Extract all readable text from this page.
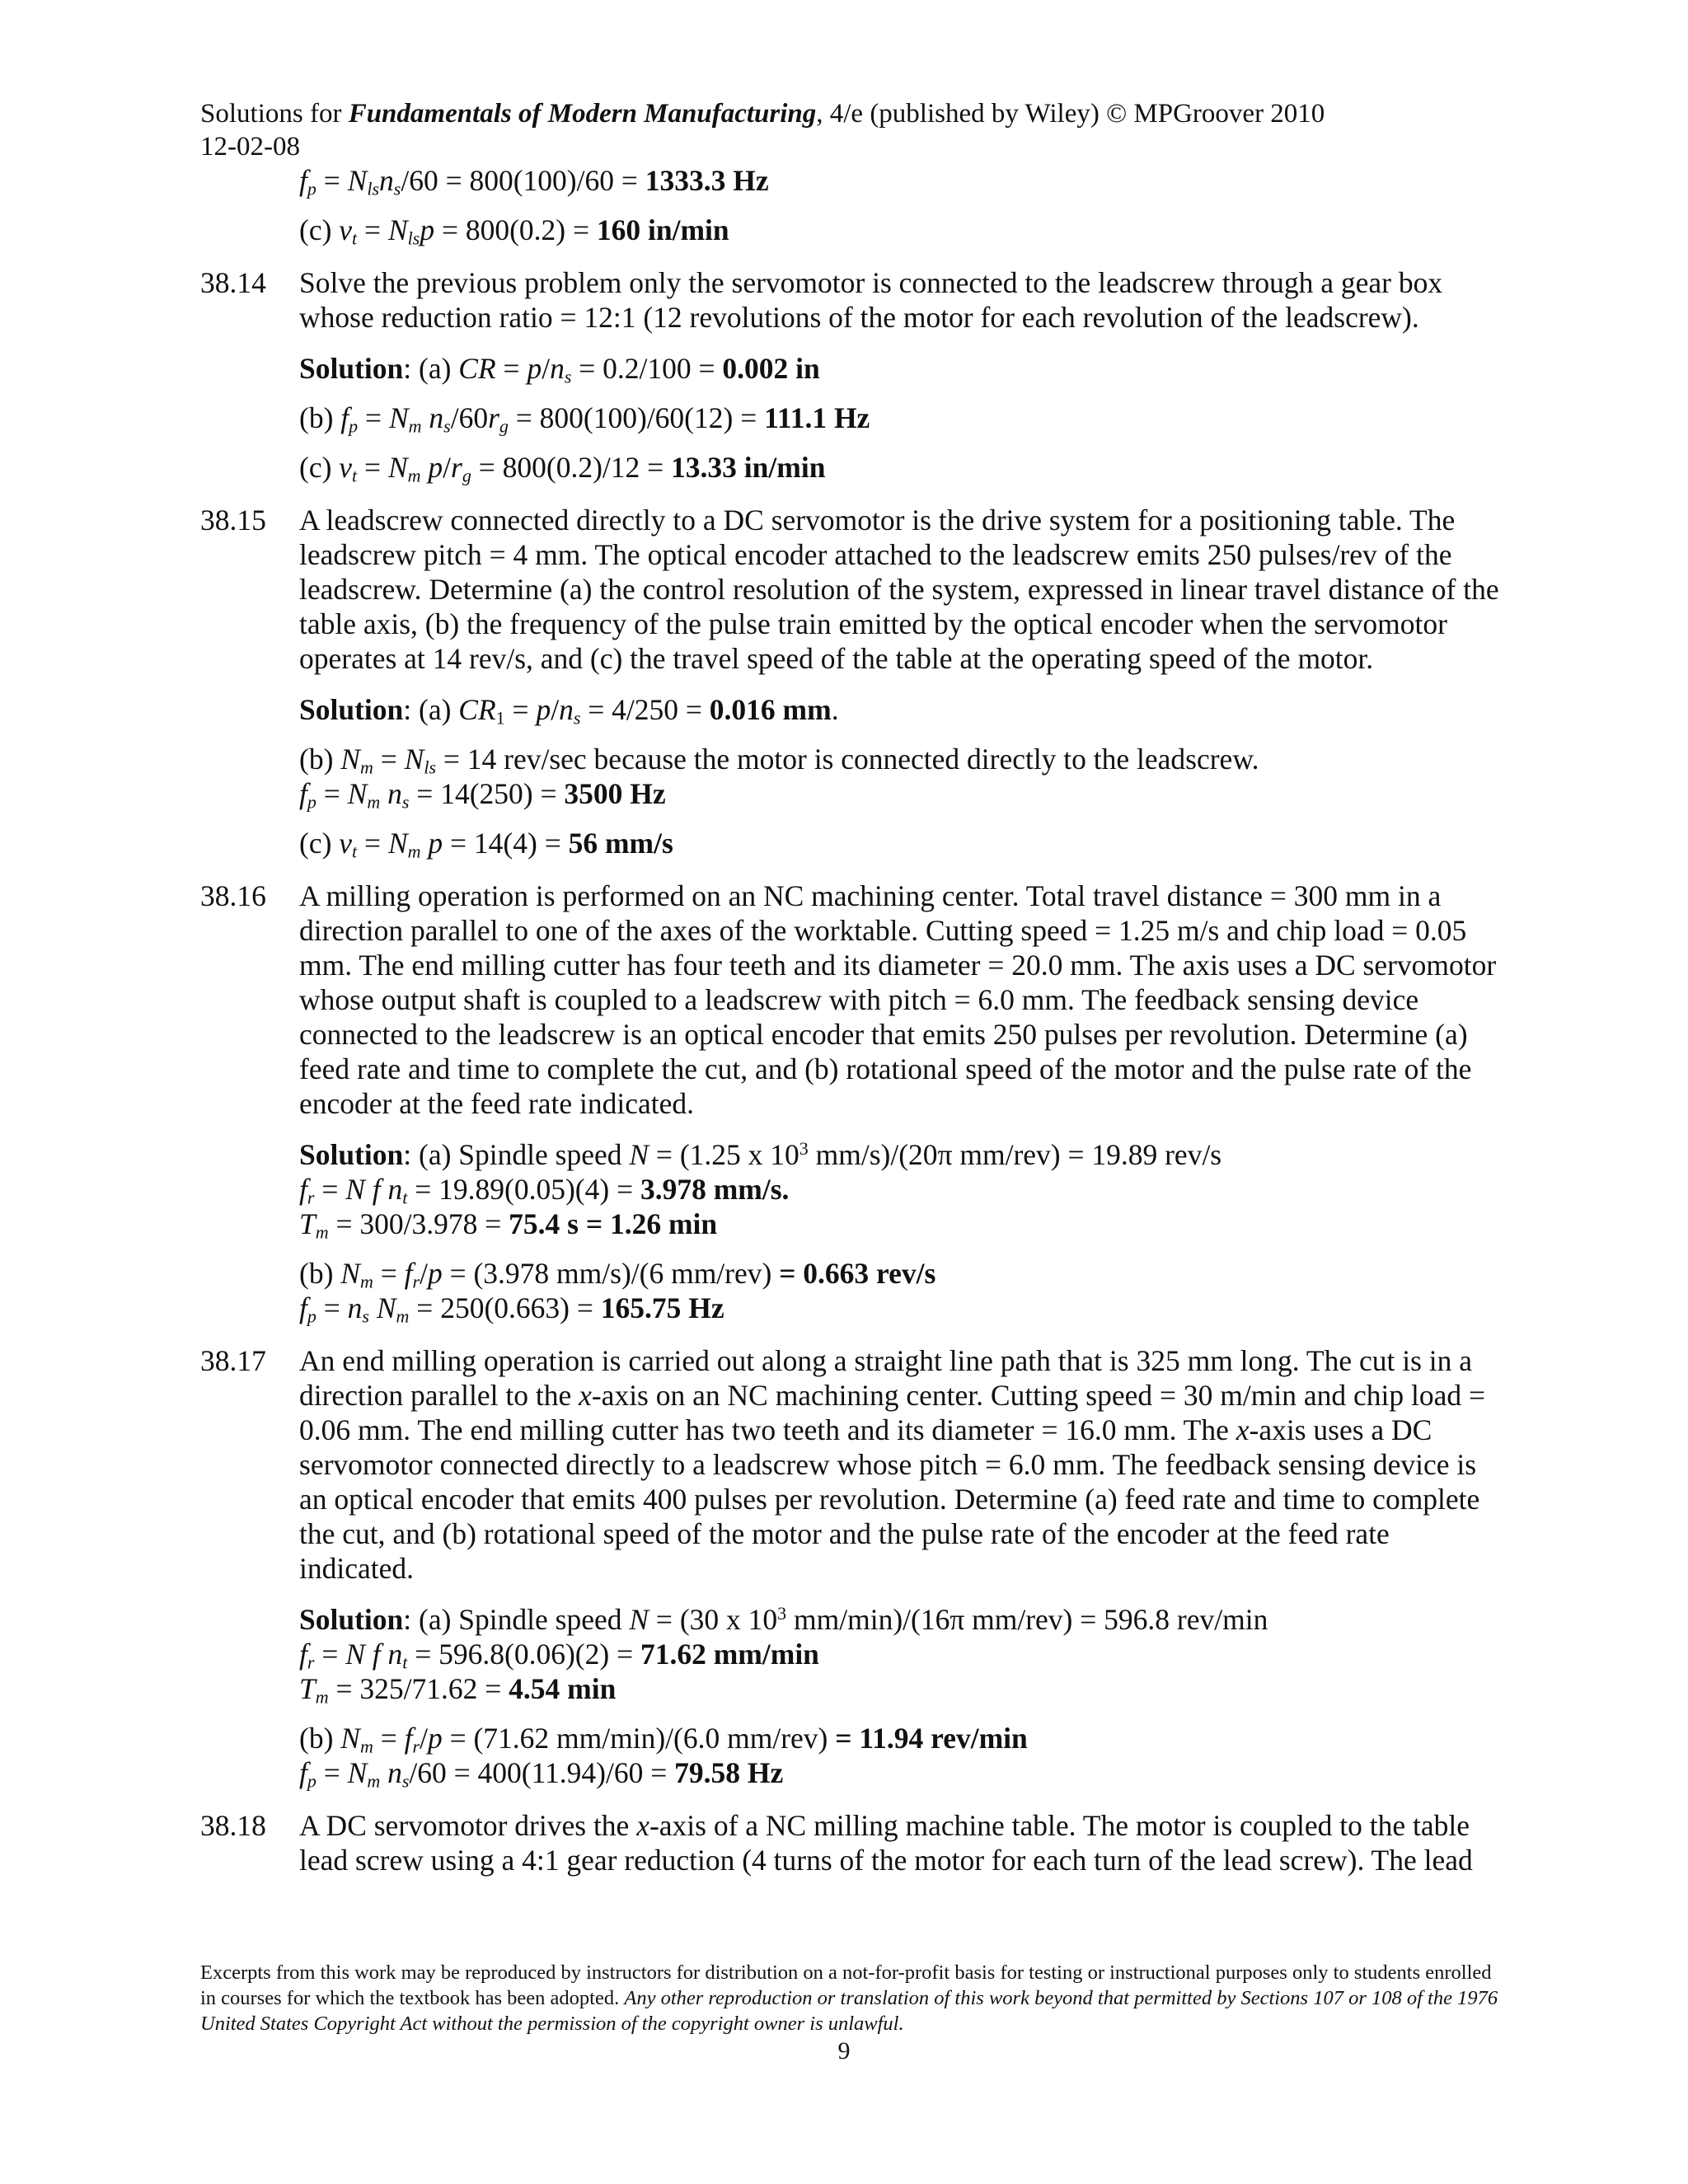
Solutions for Fundamentals of Modern Manufacturing, 4/e (published by Wiley) © MPGroover 2010
12-02-08
$f_p = N_{ls}n_s/60 = 800(100)/60 = 1333.3$ Hz
(c) $v_t = N_{ls}p = 800(0.2) = 160$ in/min
38.14	Solve the previous problem only the servomotor is connected to the leadscrew through a gear box whose reduction ratio = 12:1 (12 revolutions of the motor for each revolution of the leadscrew).
Solution: (a) CR = $p/n_s = 0.2/100 = 0.002$ in
(b) $f_p = N_m$ $n_s/60r_g = 800(100)/60(12) = 111.1$ Hz
(c) $v_t = N_m$ $p/r_g = 800(0.2)/12 = 13.33$ in/min
38.15	A leadscrew connected directly to a DC servomotor is the drive system for a positioning table. The leadscrew pitch = 4 mm. The optical encoder attached to the leadscrew emits 250 pulses/rev of the leadscrew. Determine (a) the control resolution of the system, expressed in linear travel distance of the table axis, (b) the frequency of the pulse train emitted by the optical encoder when the servomotor operates at 14 rev/s, and (c) the travel speed of the table at the operating speed of the motor.
Solution: (a) $CR_1 = p/n_s = 4/250 = 0.016$ mm.
(b) $N_m = N_{ls} = 14$ rev/sec because the motor is connected directly to the leadscrew.
$f_p = N_m$ $n_s = 14(250) = 3500$ Hz
(c) $v_t = N_m$ p = 14(4) = 56 mm/s
38.16	A milling operation is performed on an NC machining center. Total travel distance = 300 mm in a direction parallel to one of the axes of the worktable. Cutting speed = 1.25 m/s and chip load = 0.05 mm. The end milling cutter has four teeth and its diameter = 20.0 mm. The axis uses a DC servomotor whose output shaft is coupled to a leadscrew with pitch = 6.0 mm. The feedback sensing device connected to the leadscrew is an optical encoder that emits 250 pulses per revolution. Determine (a) feed rate and time to complete the cut, and (b) rotational speed of the motor and the pulse rate of the encoder at the feed rate indicated.
Solution: (a) Spindle speed N = (1.25 x $10^3$ mm/s)/(20π mm/rev) = 19.89 rev/s
$f_r = N$ f $n_t = 19.89(0.05)(4) = 3.978$ mm/s.
$T_m = 300/3.978 = 75.4$ s = 1.26 min
(b) $N_m = f_r/p = (3.978$ mm/s)/(6 mm/rev) = 0.663 rev/s
$f_p = n_s$ $N_m = 250(0.663) = 165.75$ Hz
38.17	An end milling operation is carried out along a straight line path that is 325 mm long. The cut is in a direction parallel to the x-axis on an NC machining center. Cutting speed = 30 m/min and chip load = 0.06 mm. The end milling cutter has two teeth and its diameter = 16.0 mm. The x-axis uses a DC servomotor connected directly to a leadscrew whose pitch = 6.0 mm. The feedback sensing device is an optical encoder that emits 400 pulses per revolution. Determine (a) feed rate and time to complete the cut, and (b) rotational speed of the motor and the pulse rate of the encoder at the feed rate indicated.
Solution: (a) Spindle speed N = (30 x $10^3$ mm/min)/(16π mm/rev) = 596.8 rev/min
$f_r = N$ f $n_t = 596.8(0.06)(2) = 71.62$ mm/min
$T_m = 325/71.62 = 4.54$ min
(b) $N_m = f_r/p = (71.62$ mm/min)/(6.0 mm/rev) = 11.94 rev/min
$f_p = N_m$ $n_s/60 = 400(11.94)/60 = 79.58$ Hz
38.18	A DC servomotor drives the x-axis of a NC milling machine table. The motor is coupled to the table lead screw using a 4:1 gear reduction (4 turns of the motor for each turn of the lead screw). The lead
Excerpts from this work may be reproduced by instructors for distribution on a not-for-profit basis for testing or instructional purposes only to students enrolled in courses for which the textbook has been adopted. Any other reproduction or translation of this work beyond that permitted by Sections 107 or 108 of the 1976 United States Copyright Act without the permission of the copyright owner is unlawful.
9
